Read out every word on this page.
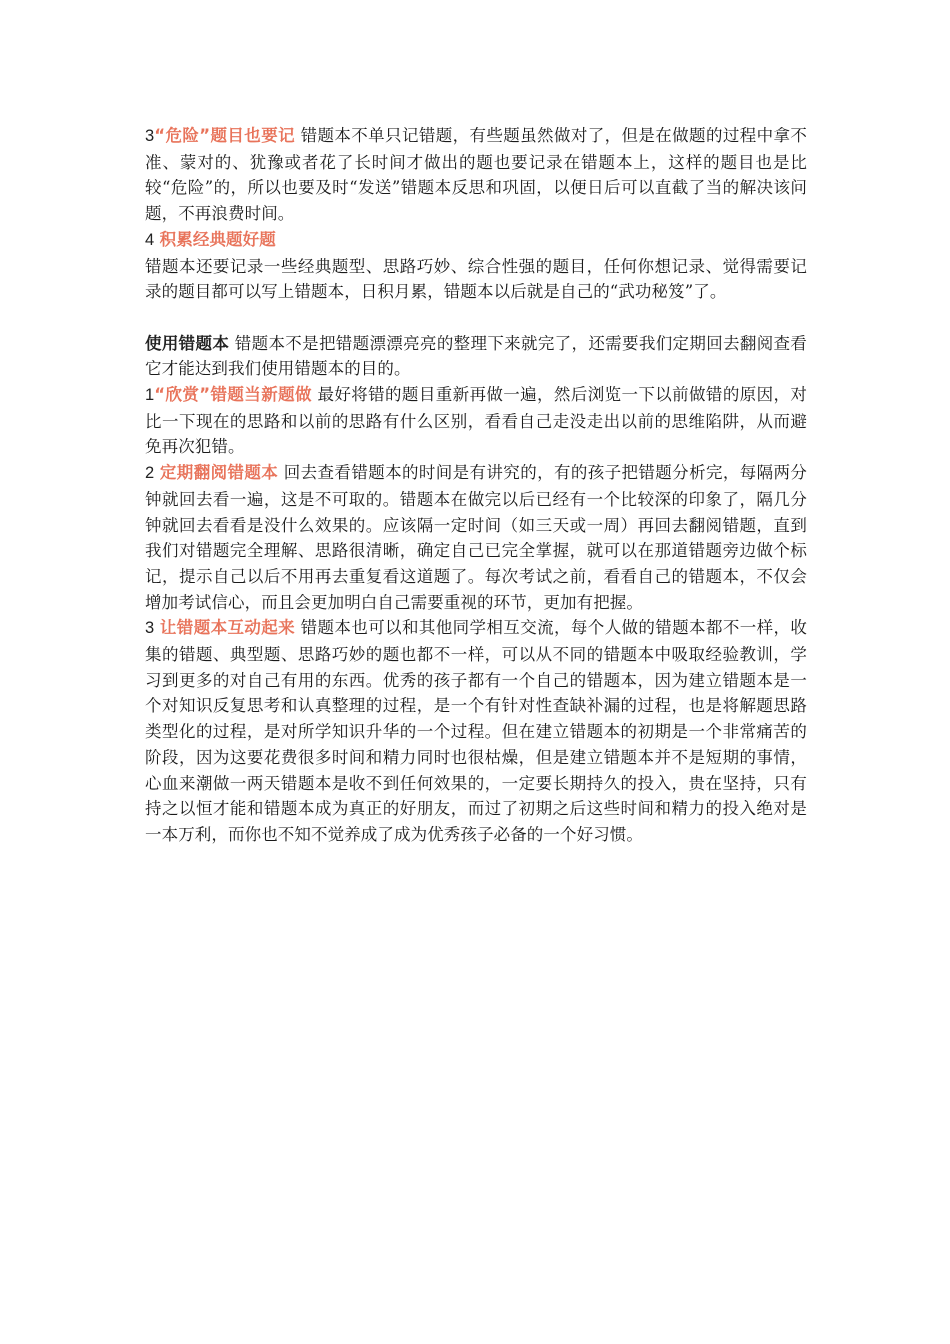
3“危险”题目也要记 错题本不单只记错题，有些题虽然做对了，但是在做题的过程中拿不准、蒙对的、犹豫或者花了长时间才做出的题也要记录在错题本上，这样的题目也是比较“危险”的，所以也要及时“发送”错题本反思和巩固，以便日后可以直截了当的解决该问题，不再浪费时间。

4 积累经典题好题

错题本还要记录一些经典题型、思路巧妙、综合性强的题目，任何你想记录、觉得需要记录的题目都可以写上错题本，日积月累，错题本以后就是自己的“武功秘笈”了。

使用错题本 错题本不是把错题漂漂亮亮的整理下来就完了，还需要我们定期回去翻阅查看它才能达到我们使用错题本的目的。

1“欣赏”错题当新题做 最好将错的题目重新再做一遍，然后浏览一下以前做错的原因，对比一下现在的思路和以前的思路有什么区别，看看自己走没走出以前的思维陷阱，从而避免再次犯错。

2 定期翻阅错题本 回去查看错题本的时间是有讲究的，有的孩子把错题分析完，每隔两分钟就回去看一遍，这是不可取的。错题本在做完以后已经有一个比较深的印象了，隔几分钟就回去看看是没什么效果的。应该隔一定时间（如三天或一周）再回去翻阅错题，直到我们对错题完全理解、思路很清晰，确定自己已完全掌握，就可以在那道错题旁边做个标记，提示自己以后不用再去重复看这道题了。每次考试之前，看看自己的错题本，不仅会增加考试信心，而且会更加明白自己需要重视的环节，更加有把握。

3 让错题本互动起来 错题本也可以和其他同学相互交流，每个人做的错题本都不一样，收集的错题、典型题、思路巧妙的题也都不一样，可以从不同的错题本中吸取经验教训，学习到更多的对自己有用的东西。优秀的孩子都有一个自己的错题本，因为建立错题本是一个对知识反复思考和认真整理的过程，是一个有针对性查缺补漏的过程，也是将解题思路类型化的过程，是对所学知识升华的一个过程。但在建立错题本的初期是一个非常痛苦的阶段，因为这要花费很多时间和精力同时也很枯燥，但是建立错题本并不是短期的事情，心血来潮做一两天错题本是收不到任何效果的，一定要长期持久的投入，贵在坚持，只有持之以恒才能和错题本成为真正的好朋友，而过了初期之后这些时间和精力的投入绝对是一本万利，而你也不知不觉养成了成为优秀孩子必备的一个好习惯。
